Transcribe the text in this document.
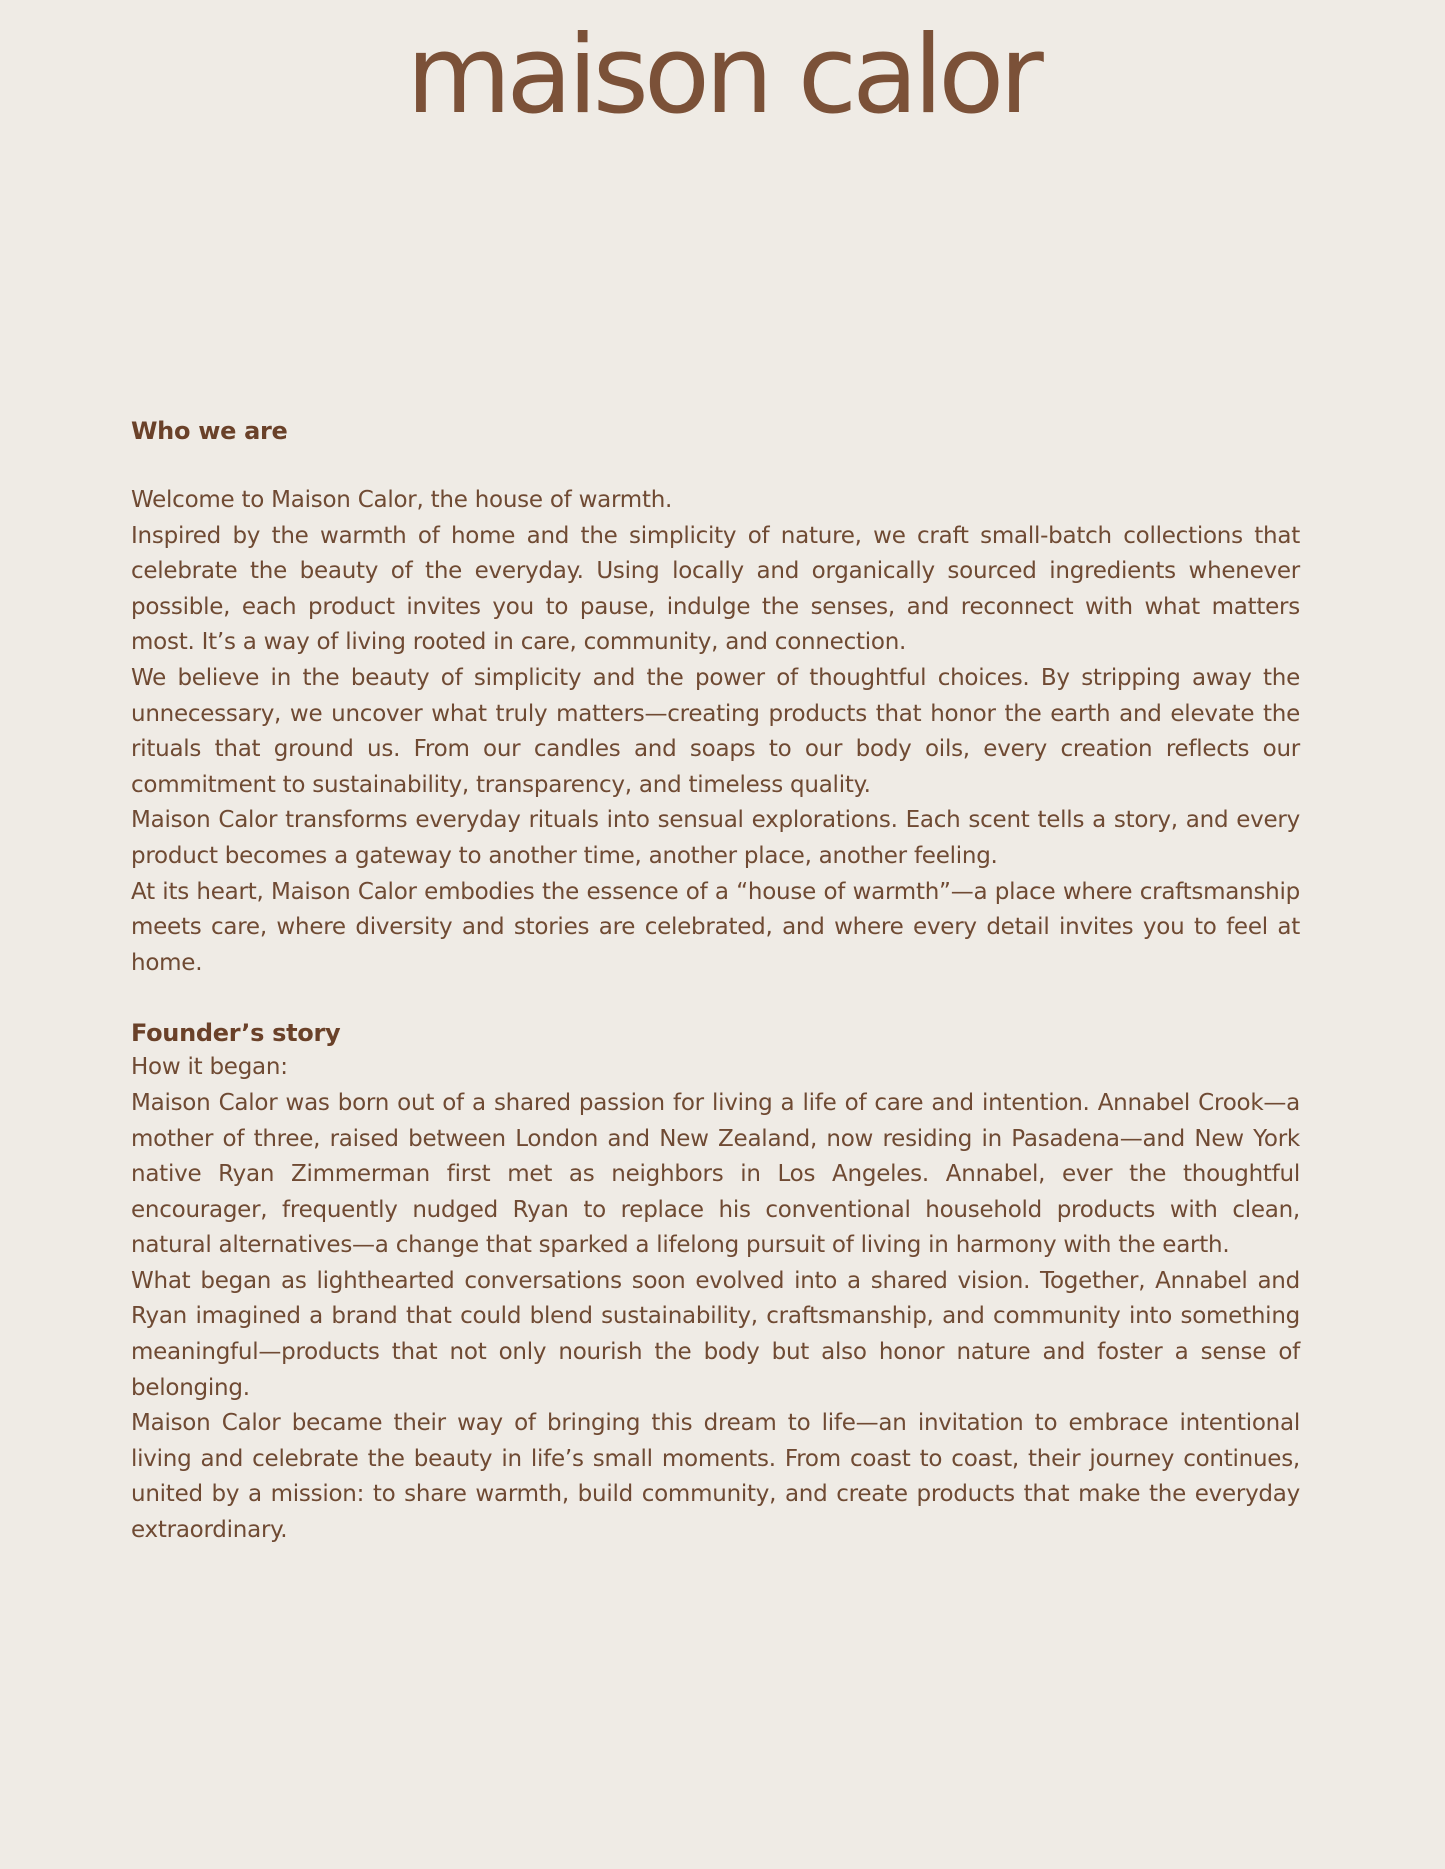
maison calor
Who we are

Welcome to Maison Calor, the house of warmth.

Inspired by the warmth of home and the simplicity of nature, we craft small-batch collections that celebrate the beauty of the everyday. Using locally and organically sourced ingredients whenever possible, each product invites you to pause, indulge the senses, and reconnect with what matters most. It’s a way of living rooted in care, community, and connection.

We believe in the beauty of simplicity and the power of thoughtful choices. By stripping away the unnecessary, we uncover what truly matters—creating products that honor the earth and elevate the rituals that ground us. From our candles and soaps to our body oils, every creation reflects our commitment to sustainability, transparency, and timeless quality.

Maison Calor transforms everyday rituals into sensual explorations. Each scent tells a story, and every product becomes a gateway to another time, another place, another feeling.

At its heart, Maison Calor embodies the essence of a “house of warmth”—a place where craftsmanship meets care, where diversity and stories are celebrated, and where every detail invites you to feel at home.

Founder’s story

How it began:

Maison Calor was born out of a shared passion for living a life of care and intention. Annabel Crook—a mother of three, raised between London and New Zealand, now residing in Pasadena—and New York native Ryan Zimmerman first met as neighbors in Los Angeles. Annabel, ever the thoughtful encourager, frequently nudged Ryan to replace his conventional household products with clean, natural alternatives—a change that sparked a lifelong pursuit of living in harmony with the earth.

What began as lighthearted conversations soon evolved into a shared vision. Together, Annabel and Ryan imagined a brand that could blend sustainability, craftsmanship, and community into something meaningful—products that not only nourish the body but also honor nature and foster a sense of belonging.

Maison Calor became their way of bringing this dream to life—an invitation to embrace intentional living and celebrate the beauty in life’s small moments. From coast to coast, their journey continues, united by a mission: to share warmth, build community, and create products that make the everyday extraordinary.
